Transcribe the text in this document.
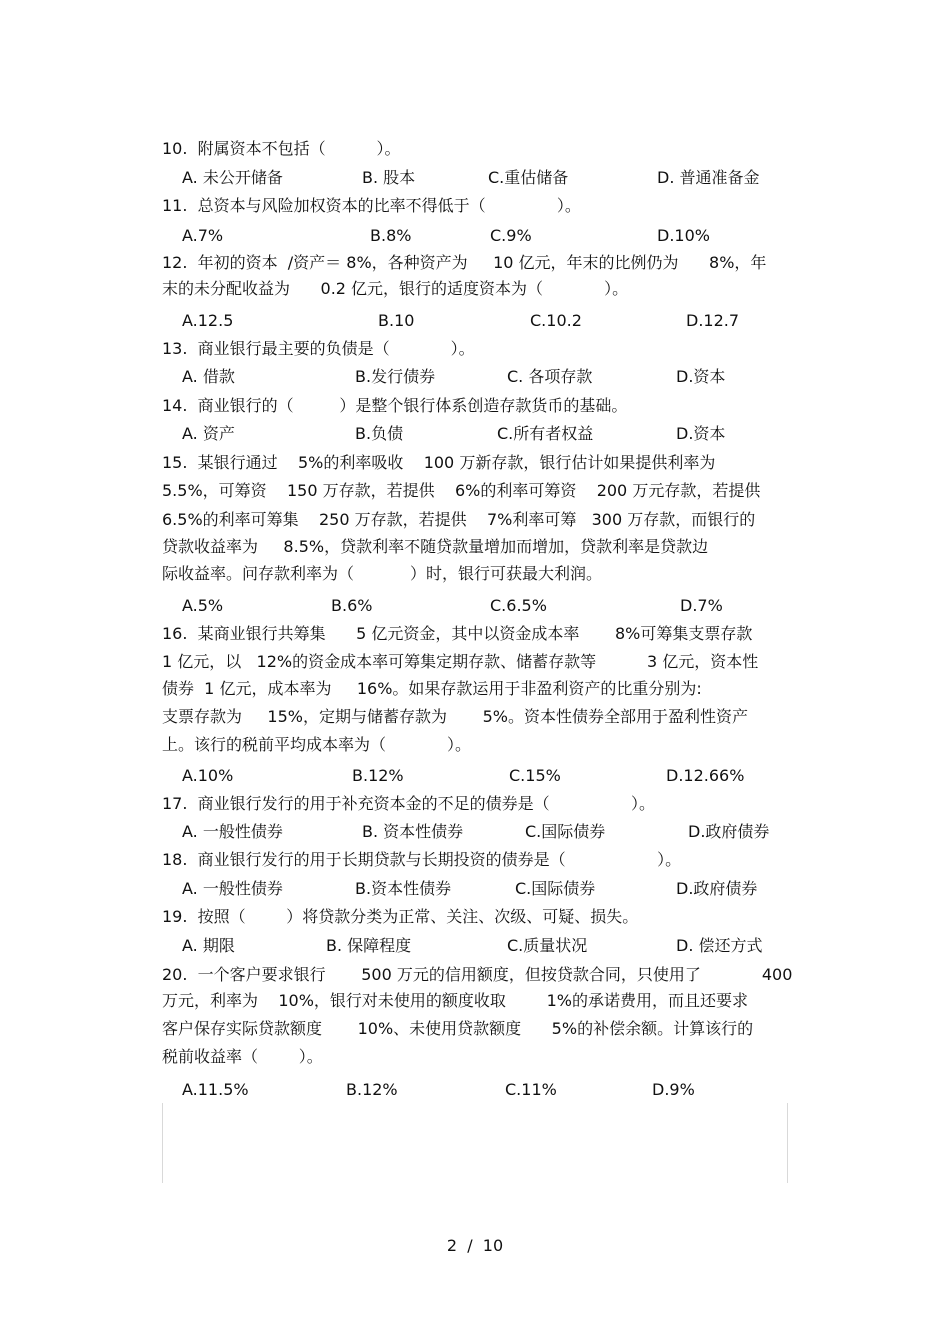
10.  附属资本不包括（          ）。
A. 未公开储备	B. 股本	C.重估储备	D. 普通准备金
11.  总资本与风险加权资本的比率不得低于（              ）。
A.7%	B.8%	C.9%	D.10%
12.  年初的资本  /资产＝ 8%，各种资产为     10 亿元，年末的比例仍为      8%，年
末的未分配收益为      0.2 亿元，银行的适度资本为（            ）。
A.12.5	B.10	C.10.2	D.12.7
13.  商业银行最主要的负债是（            ）。
A. 借款	B.发行债券	C. 各项存款	D.资本
14.  商业银行的（         ）是整个银行体系创造存款货币的基础。
A. 资产	B.负债	C.所有者权益	D.资本
15.  某银行通过    5%的利率吸收    100 万新存款，银行估计如果提供利率为
5.5%，可筹资    150 万存款，若提供    6%的利率可筹资    200 万元存款，若提供
6.5%的利率可筹集    250 万存款，若提供    7%利率可筹   300 万存款，而银行的
贷款收益率为     8.5%，贷款利率不随贷款量增加而增加，贷款利率是贷款边
际收益率。问存款利率为（           ）时，银行可获最大利润。
A.5%	B.6%	C.6.5%	D.7%
16.  某商业银行共筹集      5 亿元资金，其中以资金成本率       8%可筹集支票存款
1 亿元，以   12%的资金成本率可筹集定期存款、储蓄存款等          3 亿元，资本性
债券  1 亿元，成本率为     16%。如果存款运用于非盈利资产的比重分别为:
支票存款为     15%，定期与储蓄存款为       5%。资本性债券全部用于盈利性资产
上。该行的税前平均成本率为（            ）。
A.10%	B.12%	C.15%	D.12.66%
17.  商业银行发行的用于补充资本金的不足的债券是（                ）。
A. 一般性债券	B. 资本性债券	C.国际债券	D.政府债券
18.  商业银行发行的用于长期贷款与长期投资的债券是（                  ）。
A. 一般性债券	B.资本性债券	C.国际债券	D.政府债券
19.  按照（        ）将贷款分类为正常、关注、次级、可疑、损失。
A. 期限	B. 保障程度	C.质量状况	D. 偿还方式
20.  一个客户要求银行       500 万元的信用额度，但按贷款合同，只使用了            400
万元，利率为    10%，银行对未使用的额度收取        1%的承诺费用，而且还要求
客户保存实际贷款额度       10%、未使用贷款额度      5%的补偿余额。计算该行的
税前收益率（        ）。
A.11.5%	B.12%	C.11%	D.9%
2  /  10
